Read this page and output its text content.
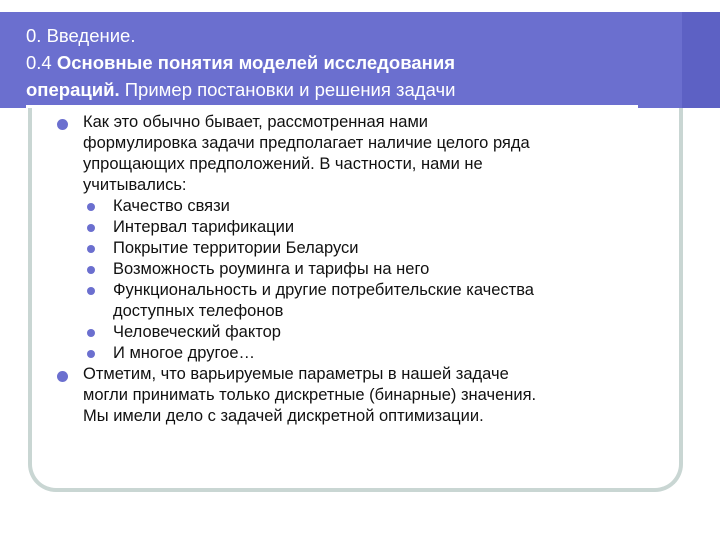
0. Введение.
0.4 Основные понятия моделей исследования
операций. Пример постановки и решения задачи
Как это обычно бывает, рассмотренная нами
формулировка задачи предполагает наличие целого ряда
упрощающих предположений. В частности, нами не
учитывались:
Качество связи
Интервал тарификации
Покрытие территории Беларуси
Возможность роуминга и тарифы на него
Функциональность и другие потребительские качества
доступных телефонов
Человеческий фактор
И многое другое…
Отметим, что варьируемые параметры в нашей задаче
могли принимать только дискретные (бинарные) значения.
Мы имели дело с задачей дискретной оптимизации.
